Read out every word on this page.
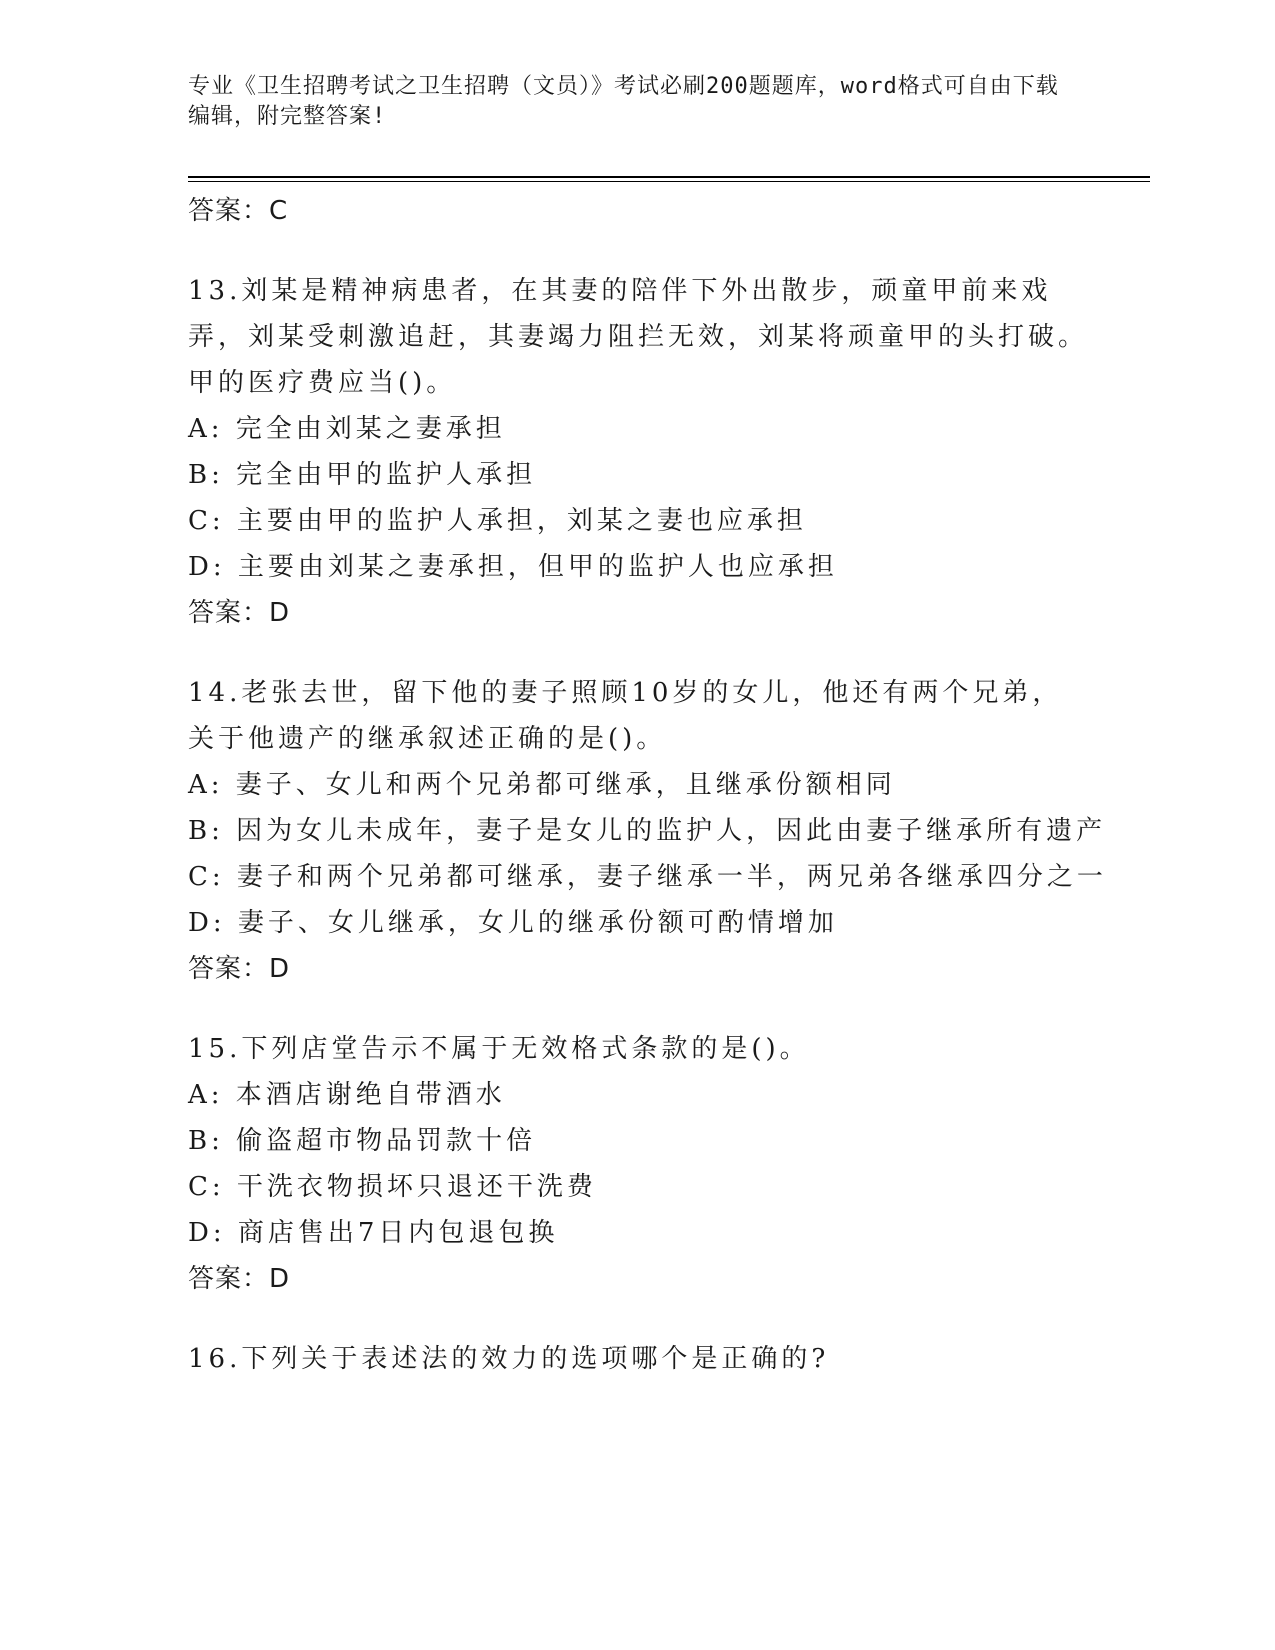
专业《卫生招聘考试之卫生招聘（文员）》考试必刷200题题库，word格式可自由下载编辑，附完整答案!
答案：C
13.刘某是精神病患者，在其妻的陪伴下外出散步，顽童甲前来戏弄，刘某受刺激追赶，其妻竭力阻拦无效，刘某将顽童甲的头打破。甲的医疗费应当()。
A: 完全由刘某之妻承担
B: 完全由甲的监护人承担
C: 主要由甲的监护人承担，刘某之妻也应承担
D: 主要由刘某之妻承担，但甲的监护人也应承担
答案：D
14.老张去世，留下他的妻子照顾10岁的女儿，他还有两个兄弟，关于他遗产的继承叙述正确的是()。
A: 妻子、女儿和两个兄弟都可继承，且继承份额相同
B: 因为女儿未成年，妻子是女儿的监护人，因此由妻子继承所有遗产
C: 妻子和两个兄弟都可继承，妻子继承一半，两兄弟各继承四分之一
D: 妻子、女儿继承，女儿的继承份额可酌情增加
答案：D
15.下列店堂告示不属于无效格式条款的是()。
A: 本酒店谢绝自带酒水
B: 偷盗超市物品罚款十倍
C: 干洗衣物损坏只退还干洗费
D: 商店售出7日内包退包换
答案：D
16.下列关于表述法的效力的选项哪个是正确的?
